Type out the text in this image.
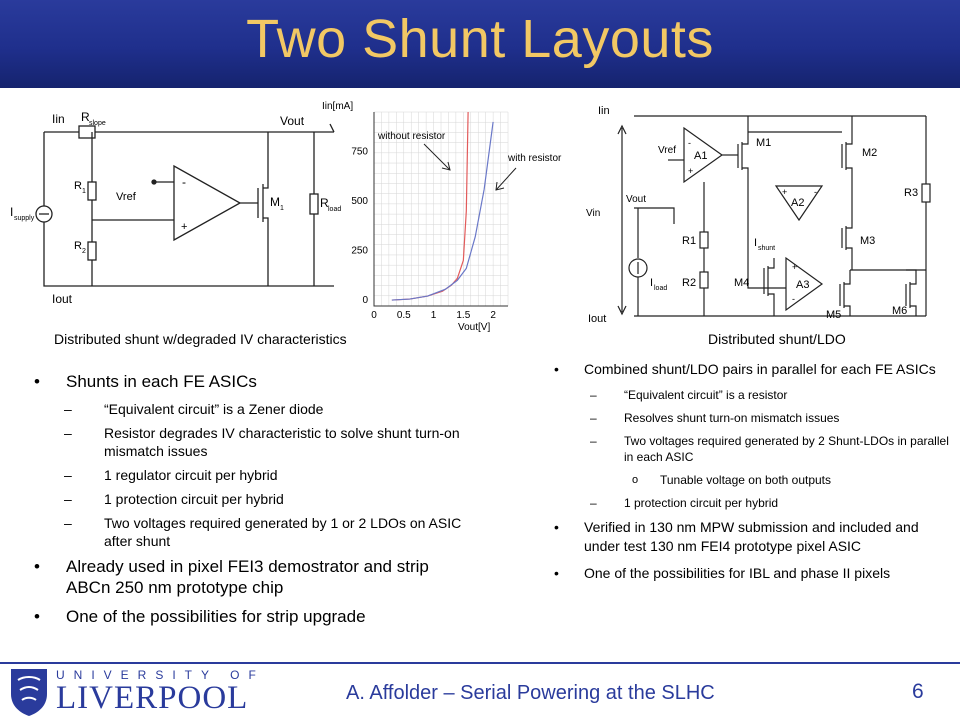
Two Shunt Layouts
Iin R slope	Vout
I supply
R 1
R 2
Vref
-
+
M 1	R load
Iout
0 0.5 1 1.5 2
0
250
500
750
Iin[mA]
Vout[V]
without resistor
with resistor
Iin
Vref
-
+
A1
M1
M2
+	-
A2
Vout
Vin
R3
R1	I shunt
M3
+
-
A3
I load R2	M4
M5	M6
Iout
Distributed shunt w/degraded IV characteristics	Distributed shunt/LDO
• Shunts in each FE ASICs
– “Equivalent circuit” is a Zener diode
– Resistor degrades IV characteristic to solve shunt turn-on mismatch issues
– 1 regulator circuit per hybrid
– 1 protection circuit per hybrid
– Two voltages required generated by 1 or 2 LDOs on ASIC after shunt
• Already used in pixel FEI3 demostrator and strip ABCn 250 nm prototype chip
• One of the possibilities for strip upgrade
• Combined shunt/LDO pairs in parallel for each FE ASICs
– “Equivalent circuit” is a resistor
– Resolves shunt turn-on mismatch issues
– Two voltages required generated by 2 Shunt-LDOs in parallel in each ASIC
o Tunable voltage on both outputs
– 1 protection circuit per hybrid
• Verified in 130 nm MPW submission and included and under test 130 nm FEI4 prototype pixel ASIC
• One of the possibilities for IBL and phase II pixels
UNIVERSITY OF
LIVERPOOL	A. Affolder – Serial Powering at the SLHC	6
